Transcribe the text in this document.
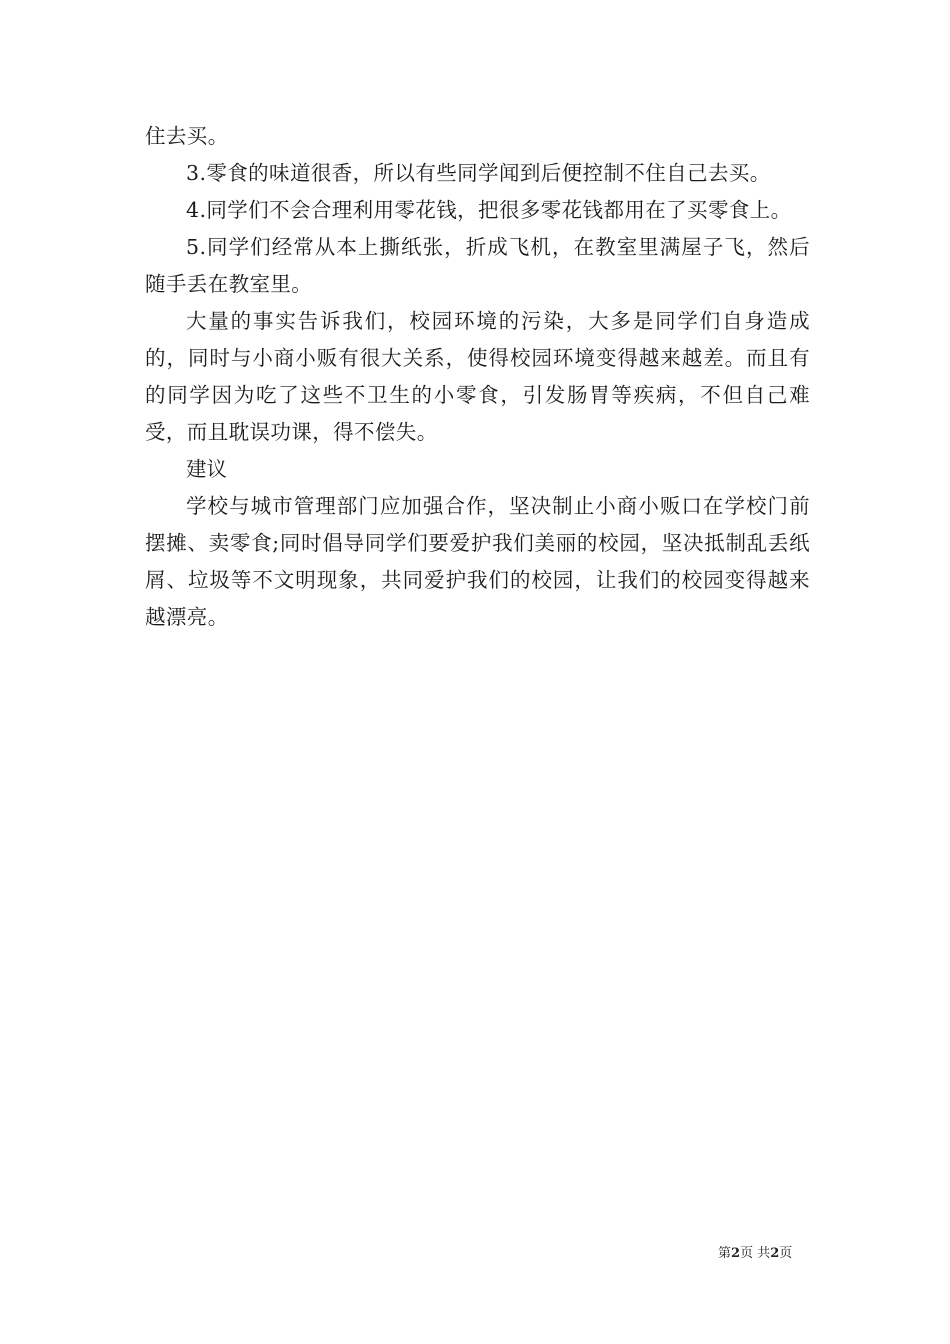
住去买。

3.零食的味道很香，所以有些同学闻到后便控制不住自己去买。

4.同学们不会合理利用零花钱，把很多零花钱都用在了买零食上。

5.同学们经常从本上撕纸张，折成飞机，在教室里满屋子飞，然后随手丢在教室里。

大量的事实告诉我们，校园环境的污染，大多是同学们自身造成的，同时与小商小贩有很大关系，使得校园环境变得越来越差。而且有的同学因为吃了这些不卫生的小零食，引发肠胃等疾病，不但自己难受，而且耽误功课，得不偿失。

建议

学校与城市管理部门应加强合作，坚决制止小商小贩口在学校门前摆摊、卖零食;同时倡导同学们要爱护我们美丽的校园，坚决抵制乱丢纸屑、垃圾等不文明现象，共同爱护我们的校园，让我们的校园变得越来越漂亮。

第2页 共2页
